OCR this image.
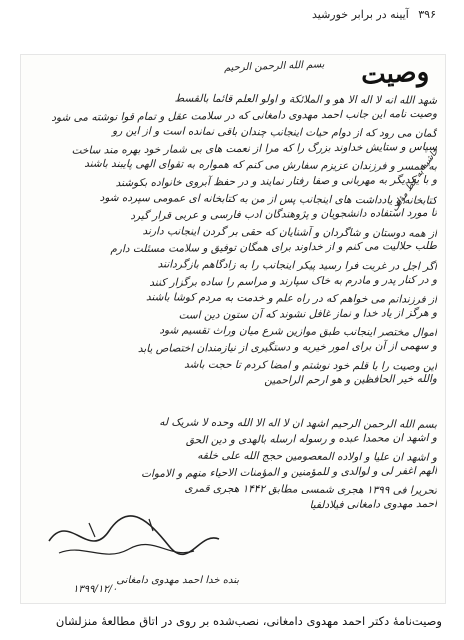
۳۹۶ آیینه در برابر خورشید
وصیت
بسم الله الرحمن الرحیم
شهد الله انه لا اله الا هو و الملائکة و اولو العلم قائما بالقسط
وصیت نامه این جانب احمد مهدوی دامغانی که در سلامت عقل و تمام قوا نوشته می شود
گمان می رود که از دوام حیات اینجانب چندان باقی نمانده است و از این رو
سپاس و ستایش خداوند بزرگ را که مرا از نعمت های بی شمار خود بهره مند ساخت
به همسر و فرزندان عزیزم سفارش می کنم که همواره به تقوای الهی پایبند باشند
و با یکدیگر به مهربانی و صفا رفتار نمایند و در حفظ آبروی خانواده بکوشند
کتابخانه و یادداشت های اینجانب پس از من به کتابخانه ای عمومی سپرده شود
تا مورد استفاده دانشجویان و پژوهندگان ادب فارسی و عربی قرار گیرد
از همه دوستان و شاگردان و آشنایان که حقی بر گردن اینجانب دارند
طلب حلالیت می کنم و از خداوند برای همگان توفیق و سلامت مسئلت دارم
اگر اجل در غربت فرا رسید پیکر اینجانب را به زادگاهم بازگردانند
و در کنار پدر و مادرم به خاک سپارند و مراسم را ساده برگزار کنند
از فرزندانم می خواهم که در راه علم و خدمت به مردم کوشا باشند
و هرگز از یاد خدا و نماز غافل نشوند که آن ستون دین است
اموال مختصر اینجانب طبق موازین شرع میان وراث تقسیم شود
و سهمی از آن برای امور خیریه و دستگیری از نیازمندان اختصاص یابد
این وصیت را با قلم خود نوشتم و امضا کردم تا حجت باشد
والله خیر الحافظین و هو ارحم الراحمین
حاشیه به خط مؤلف
بسم الله الرحمن الرحیم اشهد ان لا اله الا الله وحده لا شریک له
و اشهد ان محمدا عبده و رسوله ارسله بالهدی و دین الحق
و اشهد ان علیا و اولاده المعصومین حجج الله علی خلقه
الهم اغفر لی و لوالدی و للمؤمنین و المؤمنات الاحیاء منهم و الاموات
تحریرا فی ۱۳۹۹ هجری شمسی مطابق ۱۴۴۲ هجری قمری
احمد مهدوی دامغانی فیلادلفیا
بنده خدا احمد مهدوی دامغانی
۱۳۹۹/۱۲/۰
وصیت‌نامهٔ دکتر احمد مهدوی دامغانی، نصب‌شده بر روی در اتاق مطالعهٔ منزلشان
